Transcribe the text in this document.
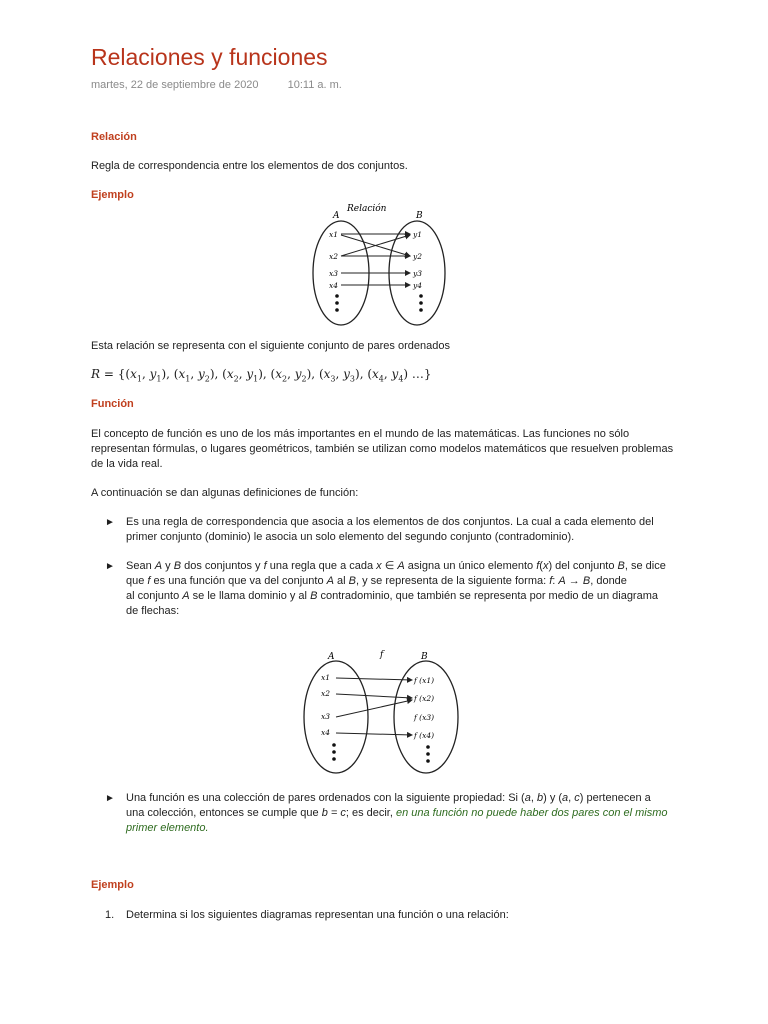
Relaciones y funciones
martes, 22 de septiembre de 2020	10:11 a. m.
Relación
Regla de correspondencia entre los elementos de dos conjuntos.
Ejemplo
Relación
A	B
x1
x2
x3
x4
y1
y2
y3
y4
Esta relación se representa con el siguiente conjunto de pares ordenados
$R = \{(x_1$, $y_1$), ($x_1$, $y_2$), ($x_2$, $y_1$), ($x_2$, $y_2$), ($x_3$, $y_3$), ($x_4$, $y_4$) …}
Función
El concepto de función es uno de los más importantes en el mundo de las matemáticas. Las funciones no sólo representan fórmulas, o lugares geométricos, también se utilizan como modelos matemáticos que resuelven problemas de la vida real.
A continuación se dan algunas definiciones de función:
► Es una regla de correspondencia que asocia a los elementos de dos conjuntos. La cual a cada elemento del
primer conjunto (dominio) le asocia un solo elemento del segundo conjunto (contradominio).
► Sean A y B dos conjuntos y f una regla que a cada x ∈ A asigna un único elemento f(x) del conjunto B, se dice que f es una función que va del conjunto A al B, y se representa de la siguiente forma: f: A → B, donde
al conjunto A se le llama dominio y al B contradominio, que también se representa por medio de un diagrama
de flechas:
f
A	B
x1
x2
x3
x4
f (x1)
f (x2)
f (x3)
f (x4)
► Una función es una colección de pares ordenados con la siguiente propiedad: Si (a, b) y (a, c) pertenecen a
una colección, entonces se cumple que b = c; es decir, en una función no puede haber dos pares con el mismo
primer elemento.
Ejemplo
1. Determina si los siguientes diagramas representan una función o una relación:
